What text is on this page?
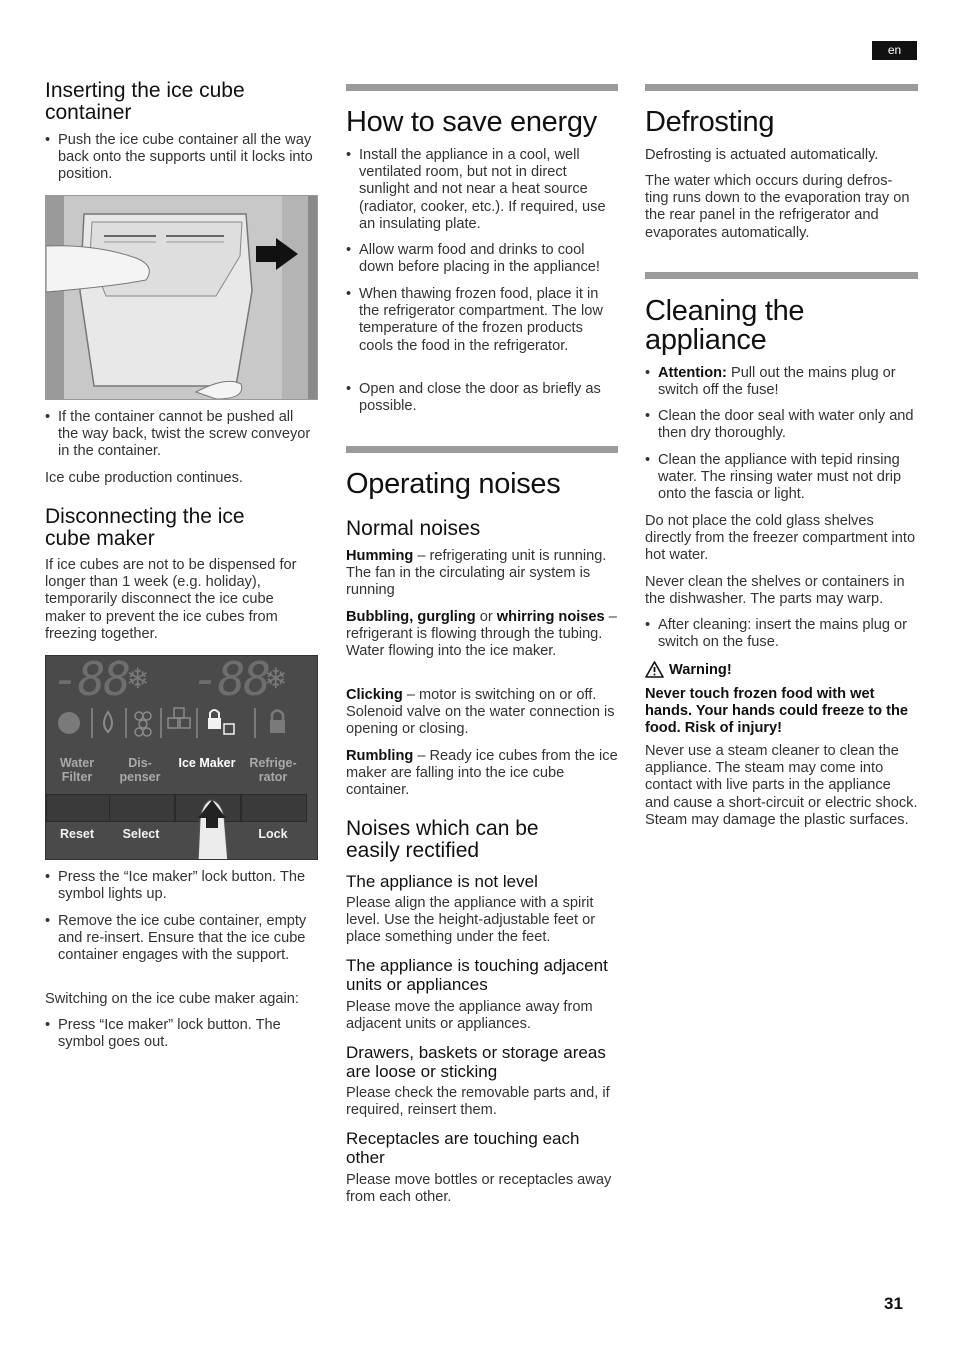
en
Inserting the ice cube container

• Push the ice cube container all the way back onto the supports until it locks into position.

• If the container cannot be pushed all the way back, twist the screw conveyor in the container.

Ice cube production continues.

Disconnecting the ice cube maker

If ice cubes are not to be dispensed for longer than 1 week (e.g. holiday), temporarily disconnect the ice cube maker to prevent the ice cubes from freezing together.

-88
❄ -88
❄
Water Filter
Dis- penser
Ice Maker	Refrige- rator
Reset	Select	Lock

• Press the “Ice maker” lock button. The symbol lights up.

• Remove the ice cube container, empty and re-insert. Ensure that the ice cube container engages with the support.

Switching on the ice cube maker again:

• Press “Ice maker” lock button. The symbol goes out.

How to save energy

• Install the appliance in a cool, well ventilated room, but not in direct sunlight and not near a heat source (radiator, cooker, etc.). If required, use an insulating plate.

• Allow warm food and drinks to cool down before placing in the appliance!

• When thawing frozen food, place it in the refrigerator compartment. The low temperature of the frozen products cools the food in the refrigerator.

• Open and close the door as briefly as possible.

Operating noises
Normal noises

Humming – refrigerating unit is running. The fan in the circulating air system is running

Bubbling, gurgling or whirring noises – refrigerant is flowing through the tubing. Water flowing into the ice maker.

Clicking – motor is switching on or off. Solenoid valve on the water connection is opening or closing.

Rumbling – Ready ice cubes from the ice maker are falling into the ice cube container.

Noises which can be easily rectified
The appliance is not level

Please align the appliance with a spirit level. Use the height-adjustable feet or place something under the feet.

The appliance is touching adjacent units or appliances

Please move the appliance away from adjacent units or appliances.

Drawers, baskets or storage areas are loose or sticking

Please check the removable parts and, if required, reinsert them.

Receptacles are touching each other

Please move bottles or receptacles away from each other.

Defrosting

Defrosting is actuated automatically.

The water which occurs during defros- ting runs down to the evaporation tray on the rear panel in the refrigerator and evaporates automatically.

Cleaning the appliance

• Attention: Pull out the mains plug or switch off the fuse!

• Clean the door seal with water only and then dry thoroughly.

• Clean the appliance with tepid rinsing water. The rinsing water must not drip onto the fascia or light.

Do not place the cold glass shelves directly from the freezer compartment into hot water.

Never clean the shelves or containers in the dishwasher. The parts may warp.

• After cleaning: insert the mains plug or switch on the fuse.

Warning!

Never touch frozen food with wet hands. Your hands could freeze to the food. Risk of injury!

Never use a steam cleaner to clean the appliance. The steam may come into contact with live parts in the appliance and cause a short-circuit or electric shock. Steam may damage the plastic surfaces.

31
